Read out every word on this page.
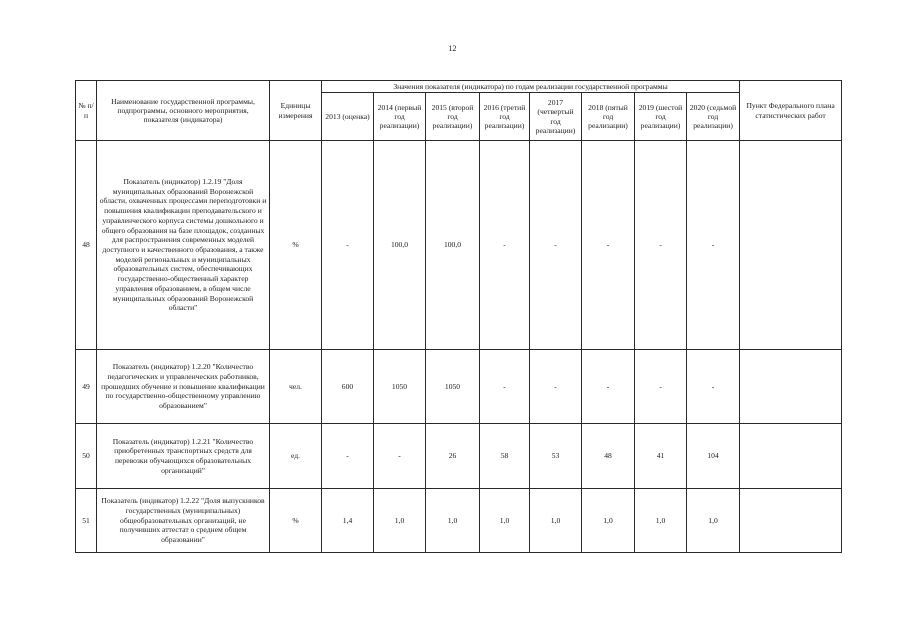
12
№ п/п	Наименование государственной программы, подпрограммы, основного мероприятия, показателя (индикатора)	Единицы измерения	Значения показателя (индикатора) по годам реализации государственной программы								Пункт Федерального плана статистических работ
			2013 (оценка)	2014 (первый год реализации)	2015 (второй год реализации)	2016 (третий год реализации)	2017 (четвертый год реализации)	2018 (пятый год реализации)	2019 (шестой год реализации)	2020 (седьмой год реализации)	
48	Показатель (индикатор) 1.2.19 "Доля муниципальных образований Воронежской области, охваченных процессами переподготовки и повышения квалификации преподавательского и управленческого корпуса системы дошкольного и общего образования на базе площадок, созданных для распространения современных моделей доступного и качественного образования, а также моделей региональных и муниципальных образовательных систем, обеспечивающих государственно-общественный характер управления образованием, в общем числе муниципальных образований Воронежской области"	%	-	100,0	100,0	-	-	-	-	-	
49	Показатель (индикатор) 1.2.20 "Количество педагогических и управленческих работников, прошедших обучение и повышение квалификации по государственно-общественному управлению образованием"	чел.	600	1050	1050	-	-	-	-	-	
50	Показатель (индикатор) 1.2.21 "Количество приобретенных транспортных средств для перевозки обучающихся образовательных организаций"	ед.	-	-	26	58	53	48	41	104	
51	Показатель (индикатор) 1.2.22 "Доля выпускников государственных (муниципальных) общеобразовательных организаций, не получивших аттестат о среднем общем образовании"	%	1,4	1,0	1,0	1,0	1,0	1,0	1,0	1,0	
